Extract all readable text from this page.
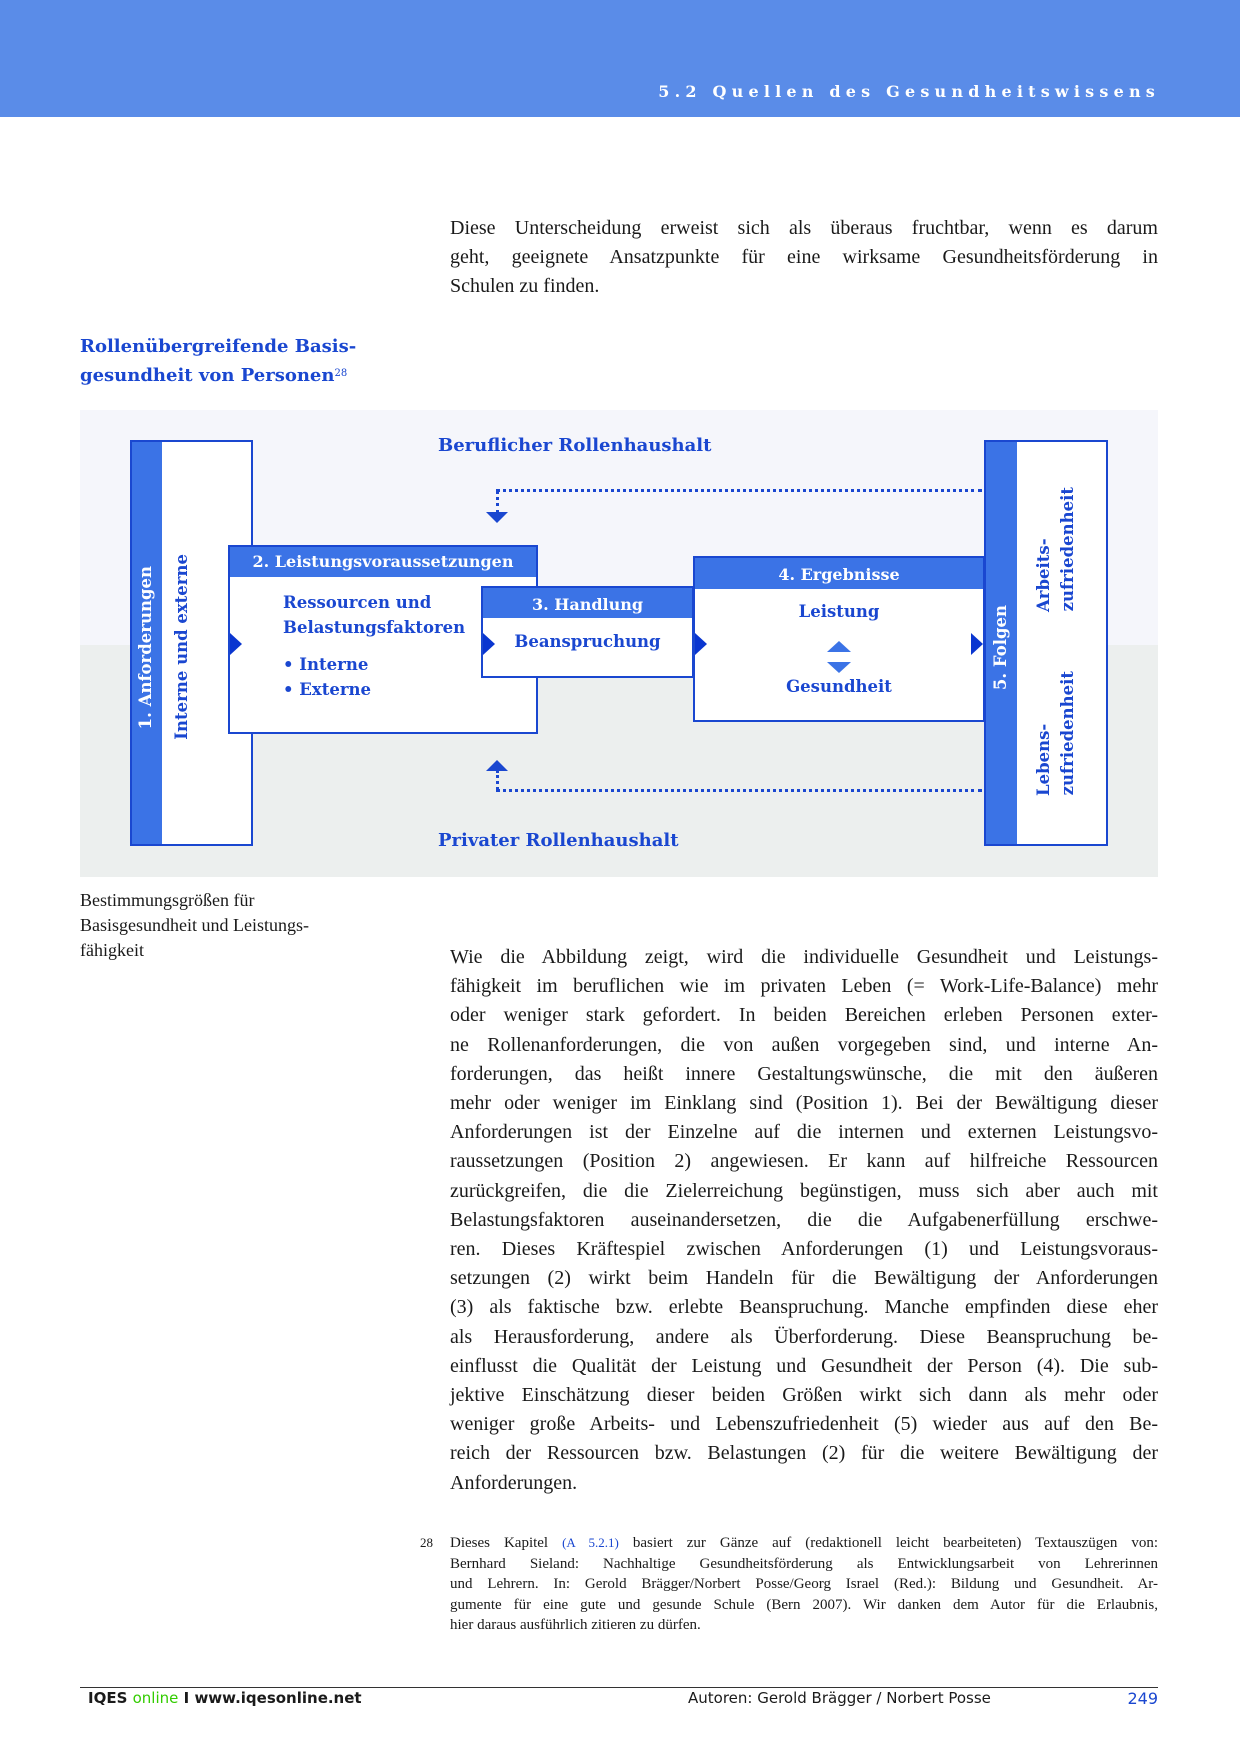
5.2 Quellen des Gesundheitswissens
Diese Unterscheidung erweist sich als überaus fruchtbar, wenn es darum
geht, geeignete Ansatzpunkte für eine wirksame Gesundheitsförderung in
Schulen zu finden.
Rollenübergreifende Basis-
gesundheit von Personen$^{28}$
Beruflicher Rollenhaushalt
Privater Rollenhaushalt
1. Anforderungen Interne und externe	2. Leistungsvoraussetzungen
Ressourcen und
Belastungsfaktoren
• Interne
• Externe
3. Handlung
Beanspruchung
4. Ergebnisse
Leistung
Gesundheit	5. Folgen
Arbeits- zufriedenheit
Lebens- zufriedenheit
Bestimmungsgrößen für
Basisgesundheit und Leistungs-
fähigkeit	Wie die Abbildung zeigt, wird die individuelle Gesundheit und Leistungs-
fähigkeit im beruflichen wie im privaten Leben (= Work-Life-Balance) mehr
oder weniger stark gefordert. In beiden Bereichen erleben Personen exter-
ne Rollenanforderungen, die von außen vorgegeben sind, und interne An-
forderungen, das heißt innere Gestaltungswünsche, die mit den äußeren
mehr oder weniger im Einklang sind (Position 1). Bei der Bewältigung dieser
Anforderungen ist der Einzelne auf die internen und externen Leistungsvo-
raussetzungen (Position 2) angewiesen. Er kann auf hilfreiche Ressourcen
zurückgreifen, die die Zielerreichung begünstigen, muss sich aber auch mit
Belastungsfaktoren auseinandersetzen, die die Aufgabenerfüllung erschwe-
ren. Dieses Kräftespiel zwischen Anforderungen (1) und Leistungsvoraus-
setzungen (2) wirkt beim Handeln für die Bewältigung der Anforderungen
(3) als faktische bzw. erlebte Beanspruchung. Manche empfinden diese eher
als Herausforderung, andere als Überforderung. Diese Beanspruchung be-
einflusst die Qualität der Leistung und Gesundheit der Person (4). Die sub-
jektive Einschätzung dieser beiden Größen wirkt sich dann als mehr oder
weniger große Arbeits- und Lebenszufriedenheit (5) wieder aus auf den Be-
reich der Ressourcen bzw. Belastungen (2) für die weitere Bewältigung der
Anforderungen.
28 Dieses Kapitel (A 5.2.1) basiert zur Gänze auf (redaktionell leicht bearbeiteten) Textauszügen von:
Bernhard Sieland: Nachhaltige Gesundheitsförderung als Entwicklungsarbeit von Lehrerinnen
und Lehrern. In: Gerold Brägger/Norbert Posse/Georg Israel (Red.): Bildung und Gesundheit. Ar-
gumente für eine gute und gesunde Schule (Bern 2007). Wir danken dem Autor für die Erlaubnis,
hier daraus ausführlich zitieren zu dürfen.
IQES online I www.iqesonline.net	Autoren: Gerold Brägger / Norbert Posse	249
